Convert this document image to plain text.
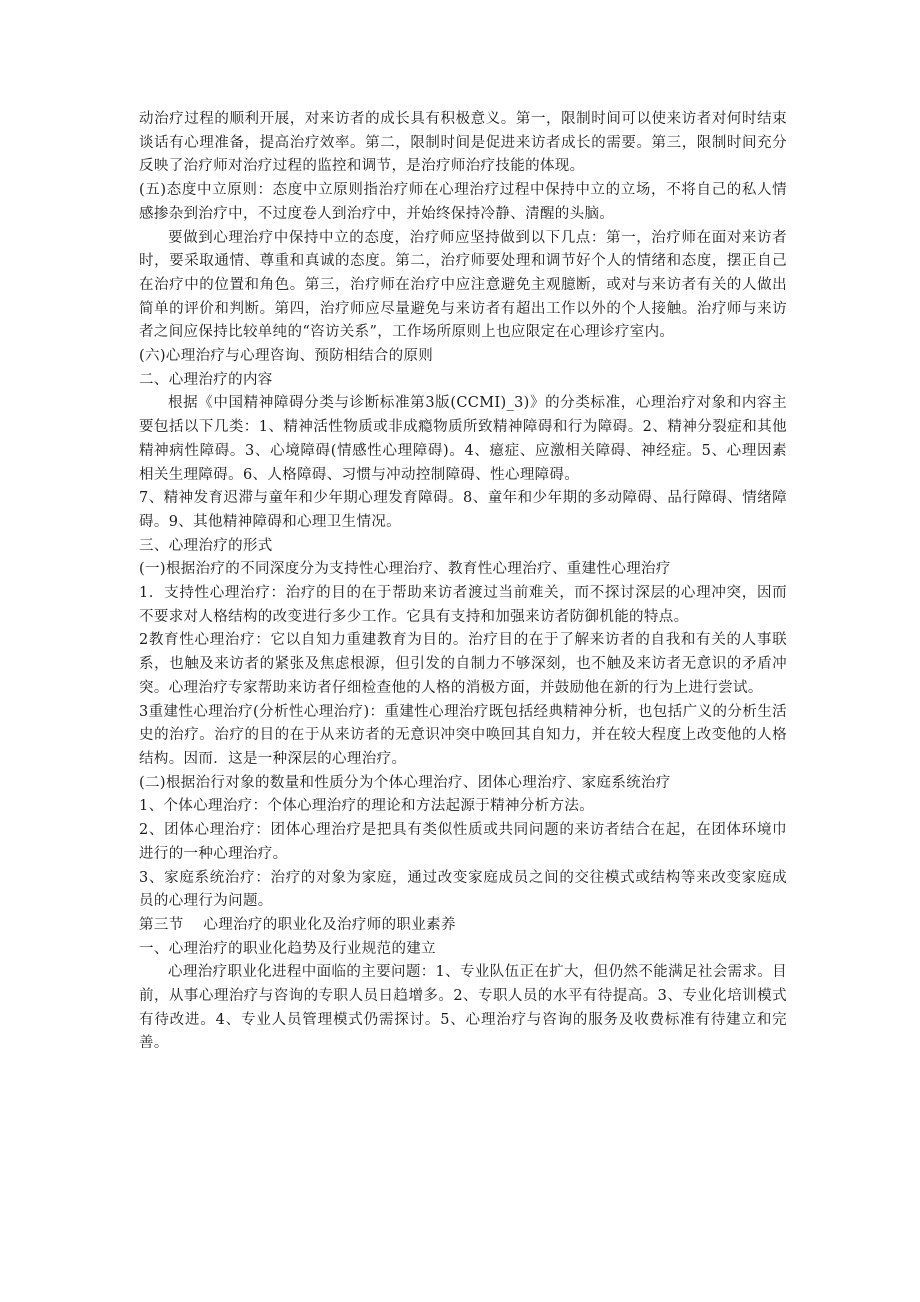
动治疗过程的顺利开展，对来访者的成长具有积极意义。第一，限制时间可以使来访者对何时结束谈话有心理准备，提高治疗效率。第二，限制时间是促进来访者成长的需要。第三，限制时间充分反映了治疗师对治疗过程的监控和调节，是治疗师治疗技能的体现。

(五)态度中立原则：态度中立原则指治疗师在心理治疗过程中保持中立的立场，不将自己的私人情感掺杂到治疗中，不过度卷人到治疗中，并始终保持冷静、清醒的头脑。

要做到心理治疗中保持中立的态度，治疗师应坚持做到以下几点：第一，治疗师在面对来访者时，要采取通情、尊重和真诚的态度。第二，治疗师要处理和调节好个人的情绪和态度，摆正自己在治疗中的位置和角色。第三，治疗师在治疗中应注意避免主观臆断，或对与来访者有关的人做出简单的评价和判断。第四，治疗师应尽量避免与来访者有超出工作以外的个人接触。治疗师与来访者之间应保持比较单纯的“咨访关系”，工作场所原则上也应限定在心理诊疗室内。

(六)心理治疗与心理咨询、预防相结合的原则

二、心理治疗的内容

根据《中国精神障碍分类与诊断标准第3版(CCMI)_3)》的分类标准，心理治疗对象和内容主要包括以下几类：1、精神活性物质或非成瘾物质所致精神障碍和行为障碍。2、精神分裂症和其他精神病性障碍。3、心境障碍(情感性心理障碍)。4、癔症、应激相关障碍、神经症。5、心理因素相关生理障碍。6、人格障碍、习惯与冲动控制障碍、性心理障碍。

7、精神发育迟滞与童年和少年期心理发育障碍。8、童年和少年期的多动障碍、品行障碍、情绪障碍。9、其他精神障碍和心理卫生情况。

三、心理治疗的形式

(一)根据治疗的不同深度分为支持性心理治疗、教育性心理治疗、重建性心理治疗

1．支持性心理治疗：治疗的目的在于帮助来访者渡过当前难关，而不探讨深层的心理冲突，因而不要求对人格结构的改变进行多少工作。它具有支持和加强来访者防御机能的特点。

2教育性心理治疗：它以自知力重建教育为目的。治疗目的在于了解来访者的自我和有关的人事联系，也触及来访者的紧张及焦虑根源，但引发的自制力不够深刻，也不触及来访者无意识的矛盾冲突。心理治疗专家帮助来访者仔细检查他的人格的消极方面，并鼓励他在新的行为上进行尝试。

3重建性心理治疗(分析性心理治疗)：重建性心理治疗既包括经典精神分析，也包括广义的分析生活史的治疗。治疗的目的在于从来访者的无意识冲突中唤回其自知力，并在较大程度上改变他的人格结构。因而．这是一种深层的心理治疗。

(二)根据治行对象的数量和性质分为个体心理治疗、团体心理治疗、家庭系统治疗

1、个体心理治疗：个体心理治疗的理论和方法起源于精神分析方法。

2、团体心理治疗：团体心理治疗是把具有类似性质或共同问题的来访者结合在起，在团体环境巾进行的一种心理治疗。

3、家庭系统治疗：治疗的对象为家庭，通过改变家庭成员之间的交往模式或结构等来改变家庭成员的心理行为问题。

第三节    心理治疗的职业化及治疗师的职业素养

一、心理治疗的职业化趋势及行业规范的建立

心理治疗职业化进程中面临的主要问题：1、专业队伍正在扩大，但仍然不能满足社会需求。目前，从事心理治疗与咨询的专职人员日趋增多。2、专职人员的水平有待提高。3、专业化培训模式有待改进。4、专业人员管理模式仍需探讨。5、心理治疗与咨询的服务及收费标准有待建立和完善。
